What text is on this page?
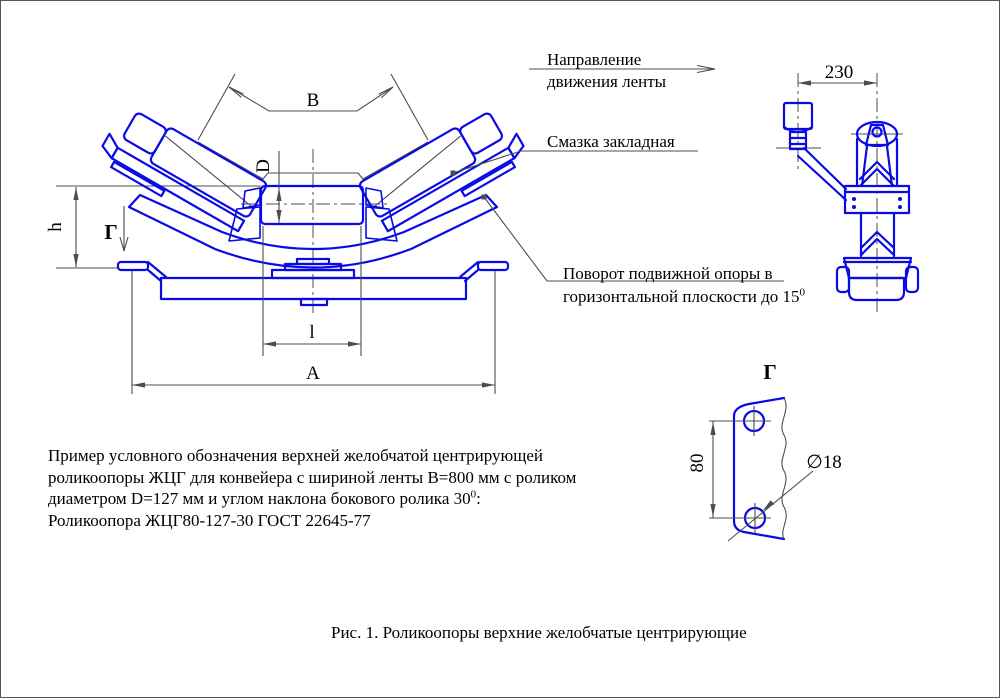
B
D
h
l
A
Г
230
Г
80	∅18
Направление
движения ленты
Смазка закладная
Поворот подвижной опоры в
горизонтальной плоскости до $15^0$
Пример условного обозначения верхней желобчатой центрирующей
роликоопоры ЖЦГ для конвейера с шириной ленты В=800 мм с роликом
диаметром D=127 мм и углом наклона бокового ролика $30^0$:
Роликоопора ЖЦГ80-127-30 ГОСТ 22645-77
Рис. 1. Роликоопоры верхние желобчатые центрирующие
